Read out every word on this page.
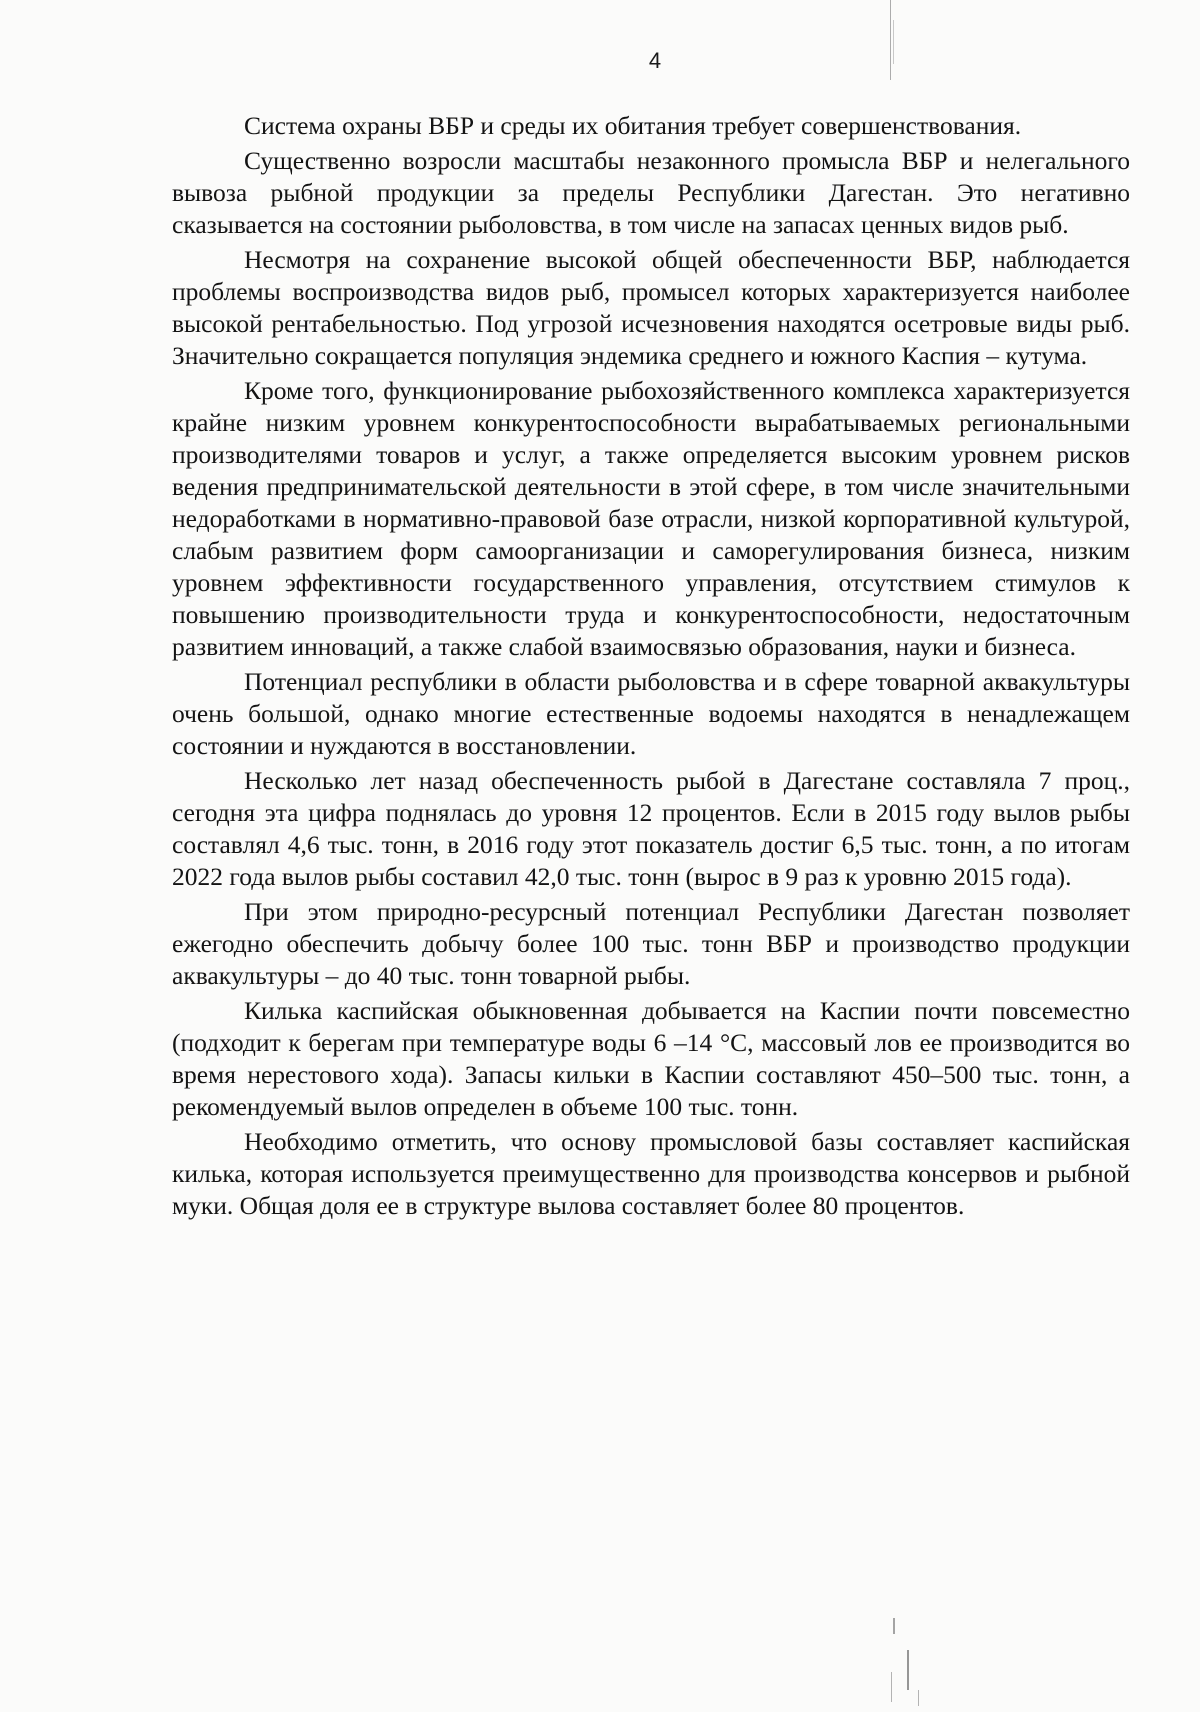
4

Система охраны ВБР и среды их обитания требует совершенствования.

Существенно возросли масштабы незаконного промысла ВБР и нелегального вывоза рыбной продукции за пределы Республики Дагестан. Это негативно сказывается на состоянии рыболовства, в том числе на запасах ценных видов рыб.

Несмотря на сохранение высокой общей обеспеченности ВБР, наблюдается проблемы воспроизводства видов рыб, промысел которых характеризуется наиболее высокой рентабельностью. Под угрозой исчезновения находятся осетровые виды рыб. Значительно сокращается популяция эндемика среднего и южного Каспия – кутума.

Кроме того, функционирование рыбохозяйственного комплекса характеризуется крайне низким уровнем конкурентоспособности вырабатываемых региональными производителями товаров и услуг, а также определяется высоким уровнем рисков ведения предпринимательской деятельности в этой сфере, в том числе значительными недоработками в нормативно-правовой базе отрасли, низкой корпоративной культурой, слабым развитием форм самоорганизации и саморегулирования бизнеса, низким уровнем эффективности государственного управления, отсутствием стимулов к повышению производительности труда и конкурентоспособности, недостаточным развитием инноваций, а также слабой взаимосвязью образования, науки и бизнеса.

Потенциал республики в области рыболовства и в сфере товарной аквакультуры очень большой, однако многие естественные водоемы находятся в ненадлежащем состоянии и нуждаются в восстановлении.

Несколько лет назад обеспеченность рыбой в Дагестане составляла 7 проц., сегодня эта цифра поднялась до уровня 12 процентов. Если в 2015 году вылов рыбы составлял 4,6 тыс. тонн, в 2016 году этот показатель достиг 6,5 тыс. тонн, а по итогам 2022 года вылов рыбы составил 42,0 тыс. тонн (вырос в 9 раз к уровню 2015 года).

При этом природно-ресурсный потенциал Республики Дагестан позволяет ежегодно обеспечить добычу более 100 тыс. тонн ВБР и производство продукции аквакультуры – до 40 тыс. тонн товарной рыбы.

Килька каспийская обыкновенная добывается на Каспии почти повсеместно (подходит к берегам при температуре воды 6 –14 °С, массовый лов ее производится во время нерестового хода). Запасы кильки в Каспии составляют 450–500 тыс. тонн, а рекомендуемый вылов определен в объеме 100 тыс. тонн.

Необходимо отметить, что основу промысловой базы составляет каспийская килька, которая используется преимущественно для производства консервов и рыбной муки. Общая доля ее в структуре вылова составляет более 80 процентов.
